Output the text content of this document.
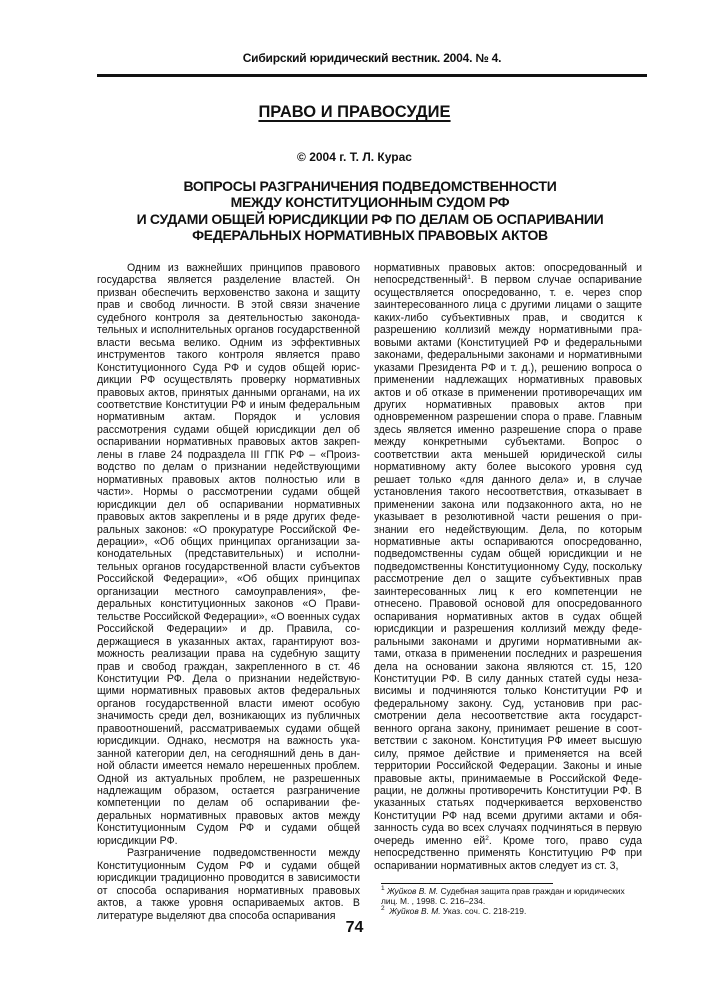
Сибирский юридический вестник. 2004. № 4.
ПРАВО И ПРАВОСУДИЕ
© 2004 г. Т. Л. Курас
ВОПРОСЫ РАЗГРАНИЧЕНИЯ ПОДВЕДОМСТВЕННОСТИ
МЕЖДУ КОНСТИТУЦИОННЫМ СУДОМ РФ
И СУДАМИ ОБЩЕЙ ЮРИСДИКЦИИ РФ ПО ДЕЛАМ ОБ ОСПАРИВАНИИ
ФЕДЕРАЛЬНЫХ НОРМАТИВНЫХ ПРАВОВЫХ АКТОВ

Одним из важнейших принципов правового государства является разделение властей. Он призван обеспечить верховенство закона и защиту прав и свобод личности. В этой связи значение судебного контроля за деятельностью законодательных и исполнительных органов государственной власти весьма велико. Одним из эффективных инструментов такого контроля является право Конституционного Суда РФ и судов общей юрисдикции РФ осуществлять проверку нормативных правовых актов, принятых данными органами, на их соответствие Конституции РФ и иным федеральным нормативным актам. Порядок и условия рассмотрения судами общей юрисдикции дел об оспаривании нормативных правовых актов закреплены в главе 24 подраздела III ГПК РФ – «Производство по делам о признании недействующими нормативных правовых актов полностью или в части». Нормы о рассмотрении судами общей юрисдикции дел об оспаривании нормативных правовых актов закреплены и в ряде других федеральных законов: «О прокуратуре Российской Федерации», «Об общих принципах организации законодательных (представительных) и исполнительных органов государственной власти субъектов Российской Федерации», «Об общих принципах организации местного самоуправления», федеральных конституционных законов «О Правительстве Российской Федерации», «О военных судах Российской Федерации» и др. Правила, содержащиеся в указанных актах, гарантируют возможность реализации права на судебную защиту прав и свобод граждан, закрепленного в ст. 46 Конституции РФ. Дела о признании недействующими нормативных правовых актов федеральных органов государственной власти имеют особую значимость среди дел, возникающих из публичных правоотношений, рассматриваемых судами общей юрисдикции. Однако, несмотря на важность указанной категории дел, на сегодняшний день в данной области имеется немало нерешенных проблем. Одной из актуальных проблем, не разрешенных надлежащим образом, остается разграничение компетенции по делам об оспаривании федеральных нормативных правовых актов между Конституционным Судом РФ и судами общей юрисдикции РФ.

Разграничение подведомственности между Конституционным Судом РФ и судами общей юрисдикции традиционно проводится в зависимости от способа оспаривания нормативных правовых актов, а также уровня оспариваемых актов. В литературе выделяют два способа оспаривания

нормативных правовых актов: опосредованный и непосредственный$^1$. В первом случае оспаривание осуществляется опосредованно, т. е. через спор заинтересованного лица с другими лицами о защите каких-либо субъективных прав, и сводится к разрешению коллизий между нормативными правовыми актами (Конституцией РФ и федеральными законами, федеральными законами и нормативными указами Президента РФ и т. д.), решению вопроса о применении надлежащих нормативных правовых актов и об отказе в применении противоречащих им других нормативных правовых актов при одновременном разрешении спора о праве. Главным здесь является именно разрешение спора о праве между конкретными субъектами. Вопрос о соответствии акта меньшей юридической силы нормативному акту более высокого уровня суд решает только «для данного дела» и, в случае установления такого несоответствия, отказывает в применении закона или подзаконного акта, но не указывает в резолютивной части решения о признании его недействующим. Дела, по которым нормативные акты оспариваются опосредованно, подведомственны судам общей юрисдикции и не подведомственны Конституционному Суду, поскольку рассмотрение дел о защите субъективных прав заинтересованных лиц к его компетенции не отнесено. Правовой основой для опосредованного оспаривания нормативных актов в судах общей юрисдикции и разрешения коллизий между федеральными законами и другими нормативными актами, отказа в применении последних и разрешения дела на основании закона являются ст. 15, 120 Конституции РФ. В силу данных статей суды независимы и подчиняются только Конституции РФ и федеральному закону. Суд, установив при рассмотрении дела несоответствие акта государственного органа закону, принимает решение в соответствии с законом. Конституция РФ имеет высшую силу, прямое действие и применяется на всей территории Российской Федерации. Законы и иные правовые акты, принимаемые в Российской Федерации, не должны противоречить Конституции РФ. В указанных статьях подчеркивается верховенство Конституции РФ над всеми другими актами и обязанность суда во всех случаях подчиняться в первую очередь именно $ей^2$. Кроме того, право суда непосредственно применять Конституцию РФ при оспаривании нормативных актов следует из ст. 3,

$^1$ Жуйков В. М. Судебная защита прав граждан и юридических лиц. М. , 1998. С. 216–234.

$^2$ Жуйков В. М. Указ. соч. С. 218-219.

74
